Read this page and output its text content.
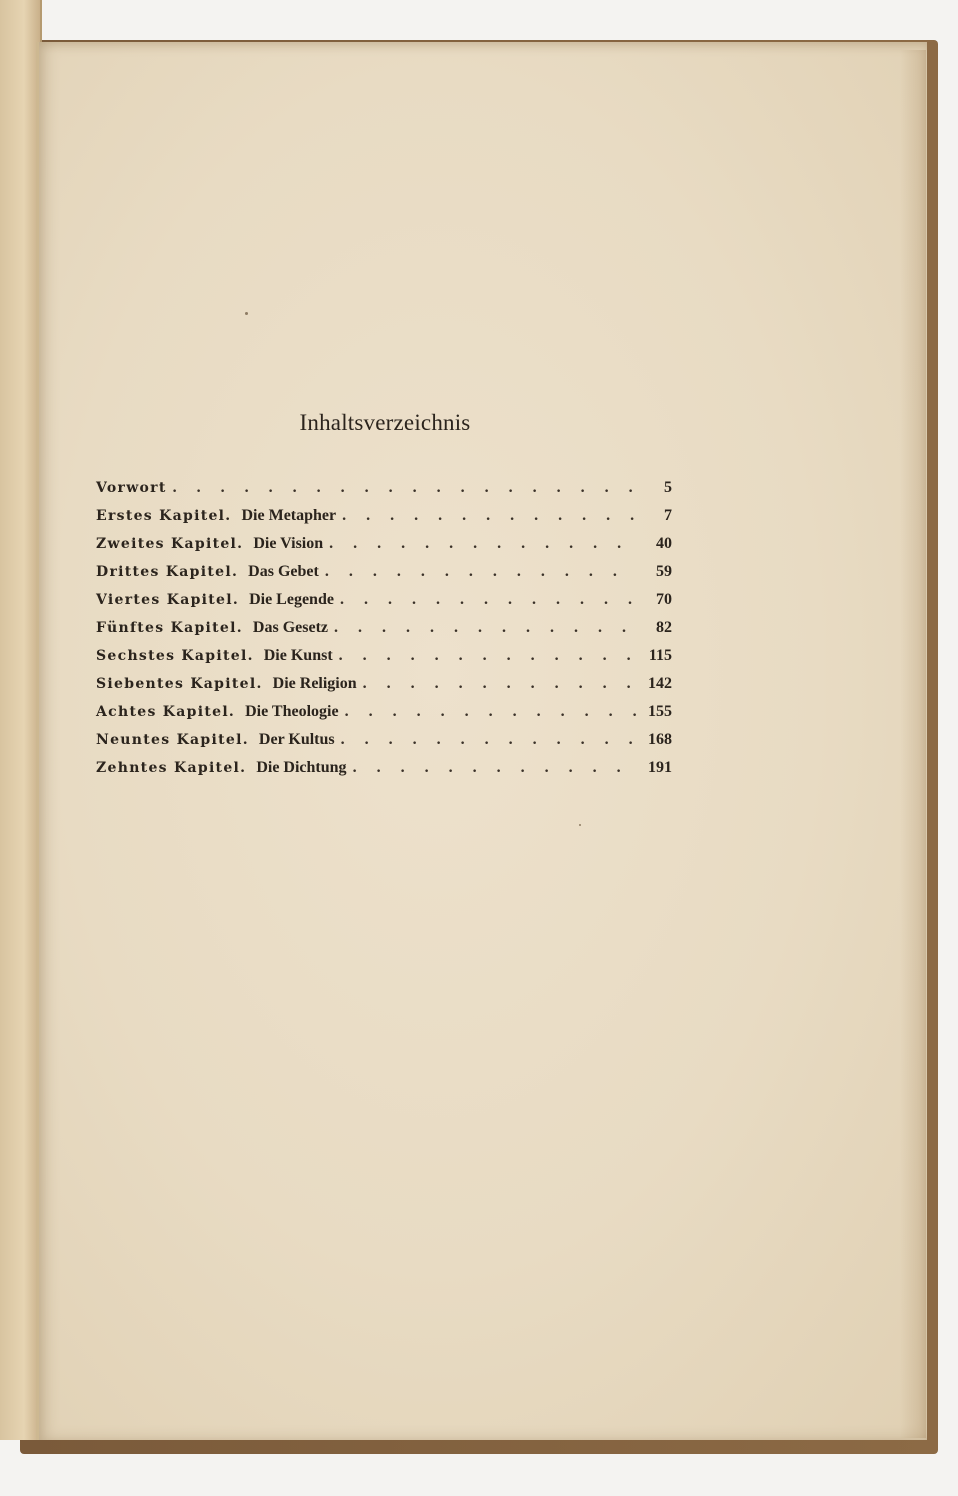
Inhaltsverzeichnis
Vorwort . . .	5
Erstes Kapitel. Die Metapher . . .	7
Zweites Kapitel. Die Vision . . .	40
Drittes Kapitel. Das Gebet . . .	59
Viertes Kapitel. Die Legende . . .	70
Fünftes Kapitel. Das Gesetz . . .	82
Sechstes Kapitel. Die Kunst . . .	115
Siebentes Kapitel. Die Religion . . .	142
Achtes Kapitel. Die Theologie . . .	155
Neuntes Kapitel. Der Kultus . . .	168
Zehntes Kapitel. Die Dichtung . . .	191
